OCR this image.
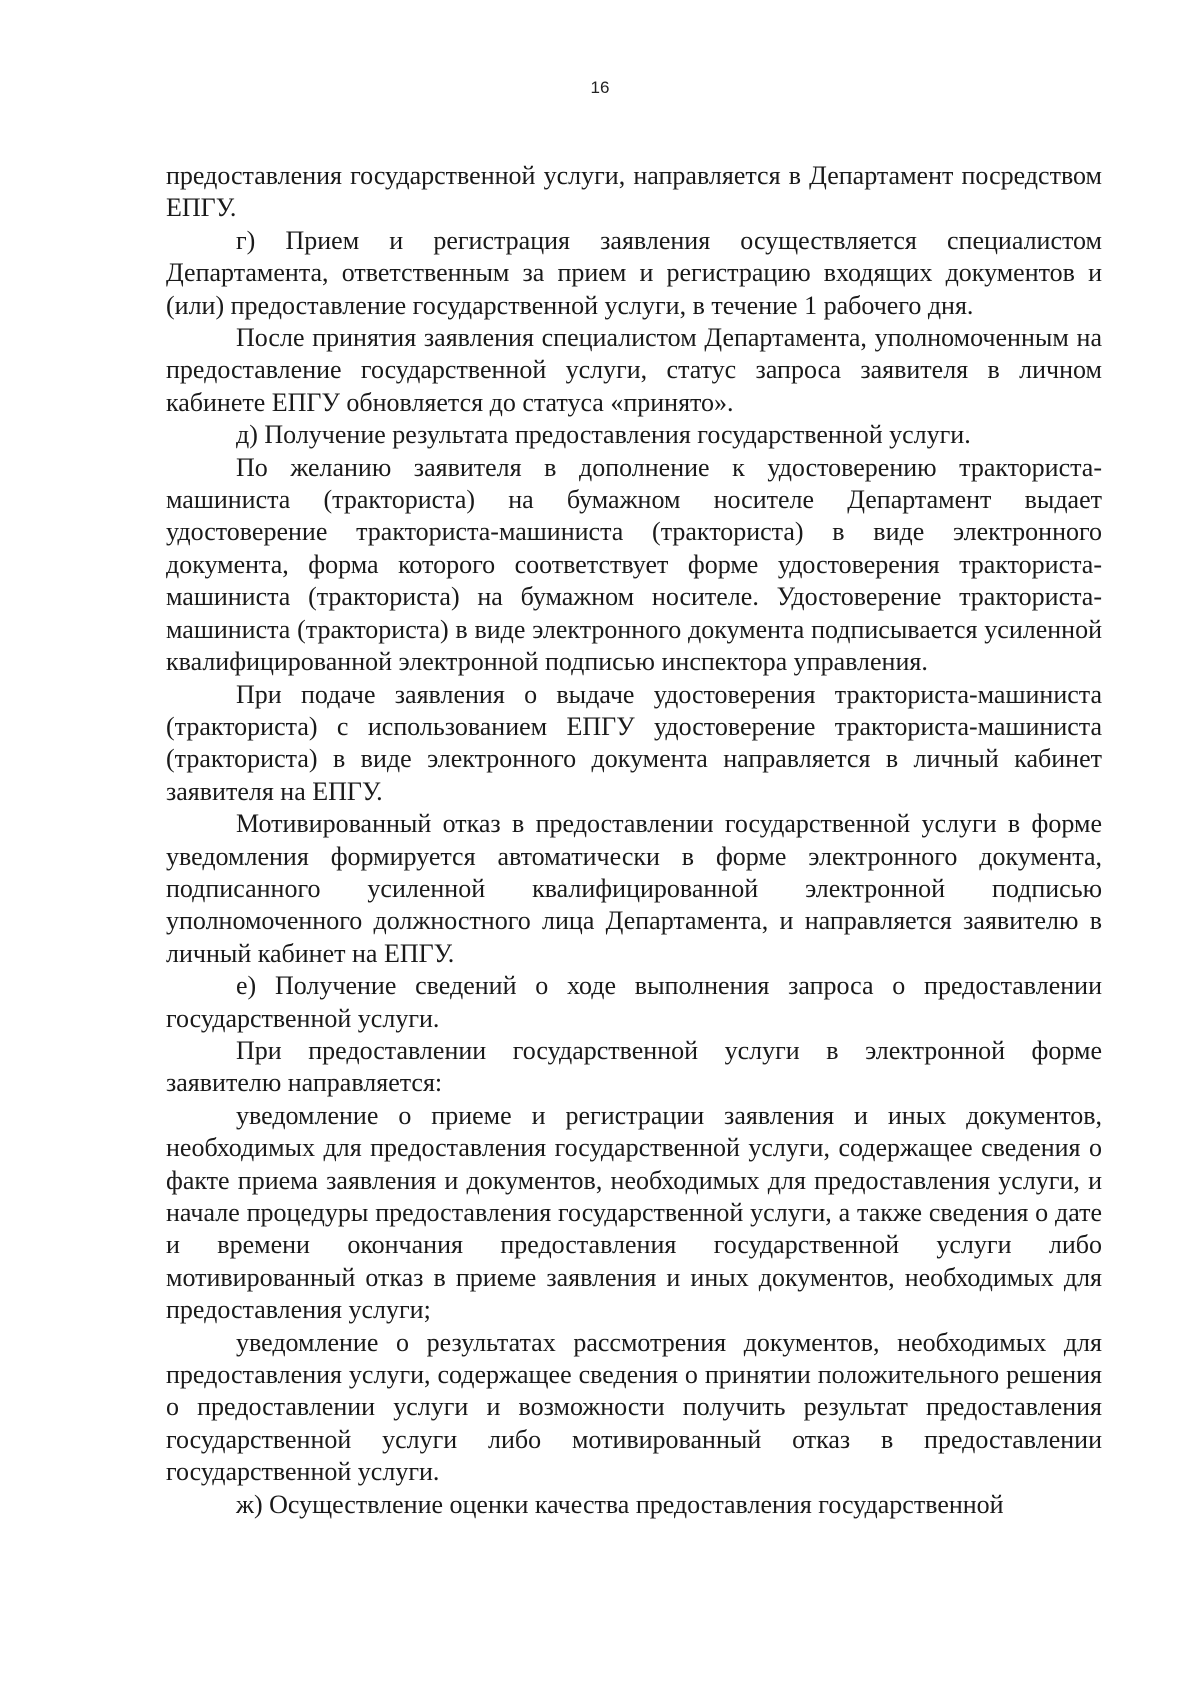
16

предоставления государственной услуги, направляется в Департамент посредством ЕПГУ.

г) Прием и регистрация заявления осуществляется специалистом Департамента, ответственным за прием и регистрацию входящих документов и (или) предоставление государственной услуги, в течение 1 рабочего дня.

После принятия заявления специалистом Департамента, уполномоченным на предоставление государственной услуги, статус запроса заявителя в личном кабинете ЕПГУ обновляется до статуса «принято».

д) Получение результата предоставления государственной услуги.

По желанию заявителя в дополнение к удостоверению тракториста-машиниста (тракториста) на бумажном носителе Департамент выдает удостоверение тракториста-машиниста (тракториста) в виде электронного документа, форма которого соответствует форме удостоверения тракториста-машиниста (тракториста) на бумажном носителе. Удостоверение тракториста-машиниста (тракториста) в виде электронного документа подписывается усиленной квалифицированной электронной подписью инспектора управления.

При подаче заявления о выдаче удостоверения тракториста-машиниста (тракториста) с использованием ЕПГУ удостоверение тракториста-машиниста (тракториста) в виде электронного документа направляется в личный кабинет заявителя на ЕПГУ.

Мотивированный отказ в предоставлении государственной услуги в форме уведомления формируется автоматически в форме электронного документа, подписанного усиленной квалифицированной электронной подписью уполномоченного должностного лица Департамента, и направляется заявителю в личный кабинет на ЕПГУ.

е) Получение сведений о ходе выполнения запроса о предоставлении государственной услуги.

При предоставлении государственной услуги в электронной форме заявителю направляется:

уведомление о приеме и регистрации заявления и иных документов, необходимых для предоставления государственной услуги, содержащее сведения о факте приема заявления и документов, необходимых для предоставления услуги, и начале процедуры предоставления государственной услуги, а также сведения о дате и времени окончания предоставления государственной услуги либо мотивированный отказ в приеме заявления и иных документов, необходимых для предоставления услуги;

уведомление о результатах рассмотрения документов, необходимых для предоставления услуги, содержащее сведения о принятии положительного решения о предоставлении услуги и возможности получить результат предоставления государственной услуги либо мотивированный отказ в предоставлении государственной услуги.

ж) Осуществление оценки качества предоставления государственной
